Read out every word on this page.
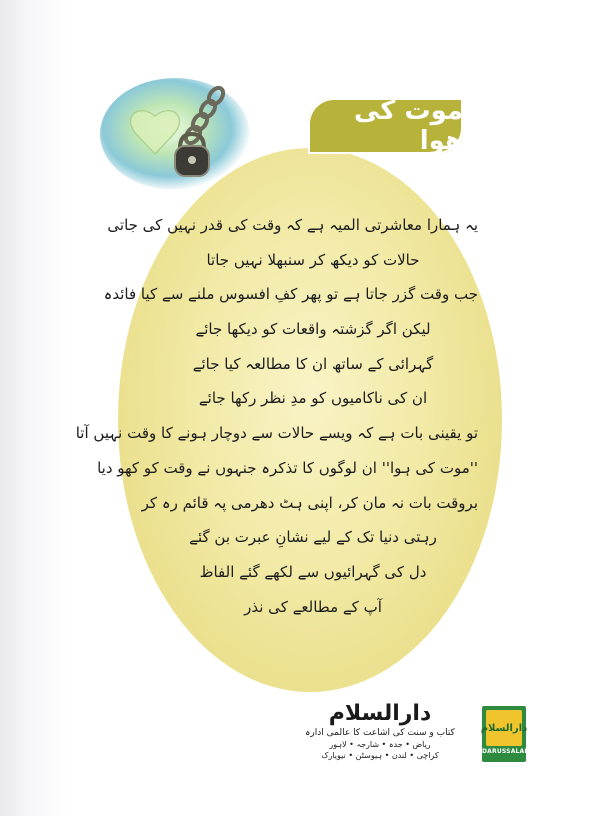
موت کی ھوا
یہ ہمارا معاشرتی المیہ ہے کہ وقت کی قدر نہیں کی جاتی
حالات کو دیکھ کر سنبھلا نہیں جاتا
جب وقت گزر جاتا ہے تو پھر کفِ افسوس ملنے سے کیا فائدہ
لیکن اگر گزشتہ واقعات کو دیکھا جائے
گہرائی کے ساتھ ان کا مطالعہ کیا جائے
ان کی ناکامیوں کو مدِ نظر رکھا جائے
تو یقینی بات ہے کہ ویسے حالات سے دوچار ہونے کا وقت نہیں آتا
''موت کی ہوا'' ان لوگوں کا تذکرہ جنہوں نے وقت کو کھو دیا
بروقت بات نہ مان کر، اپنی ہٹ دھرمی پہ قائم رہ کر
رہتی دنیا تک کے لیے نشانِ عبرت بن گئے
دل کی گہرائیوں سے لکھے گئے الفاظ
آپ کے مطالعے کی نذر
دارالسلام
کتاب و سنت کی اشاعت کا عالمی ادارہ
ریاض • جدہ • شارجہ • لاہور
کراچی • لندن • ہیوسٹن • نیویارک
دارالسلام
DARUSSALAM
